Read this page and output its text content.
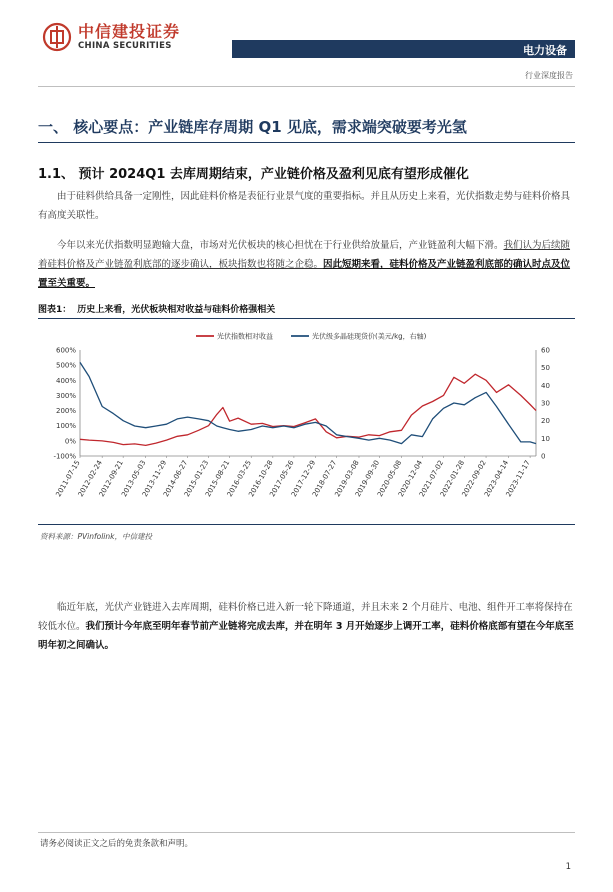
中信建投证券
CHINA SECURITIES	电力设备
行业深度报告
一、 核心要点：产业链库存周期 Q1 见底，需求端突破要考光氢
1.1、 预计 2024Q1 去库周期结束，产业链价格及盈利见底有望形成催化
由于硅料供给具备一定刚性，因此硅料价格是表征行业景气度的重要指标。并且从历史上来看，光伏指数走势与硅料价格具有高度关联性。
今年以来光伏指数明显跑输大盘，市场对光伏板块的核心担忧在于行业供给放量后，产业链盈利大幅下滑。我们认为后续随着硅料价格及产业链盈利底部的逐步确认，板块指数也将随之企稳。因此短期来看，硅料价格及产业链盈利底部的确认时点及位置至关重要。
图表1： 历史上来看，光伏板块相对收益与硅料价格强相关
600%
500%
400%
300%
200%
100%
0%
-100%
60
50
40
30
20
10
0
2011-07-15
2012-02-24
2012-09-21
2013-05-03
2013-11-29
2014-06-27
2015-01-23
2015-08-21
2016-03-25
2016-10-28
2017-05-26
2017-12-29
2018-07-27
2019-03-08
2019-09-30
2020-05-08
2020-12-04
2021-07-02
2022-01-28
2022-09-02
2023-04-14
2023-11-17
光伏指数相对收益	光伏级多晶硅现货价(美元/kg，右轴)
资料来源：PVinfolink，中信建投
临近年底，光伏产业链进入去库周期，硅料价格已进入新一轮下降通道，并且未来 2 个月硅片、电池、组件开工率将保持在较低水位。我们预计今年底至明年春节前产业链将完成去库，并在明年 3 月开始逐步上调开工率，硅料价格底部有望在今年底至明年初之间确认。
请务必阅读正文之后的免责条款和声明。
1
